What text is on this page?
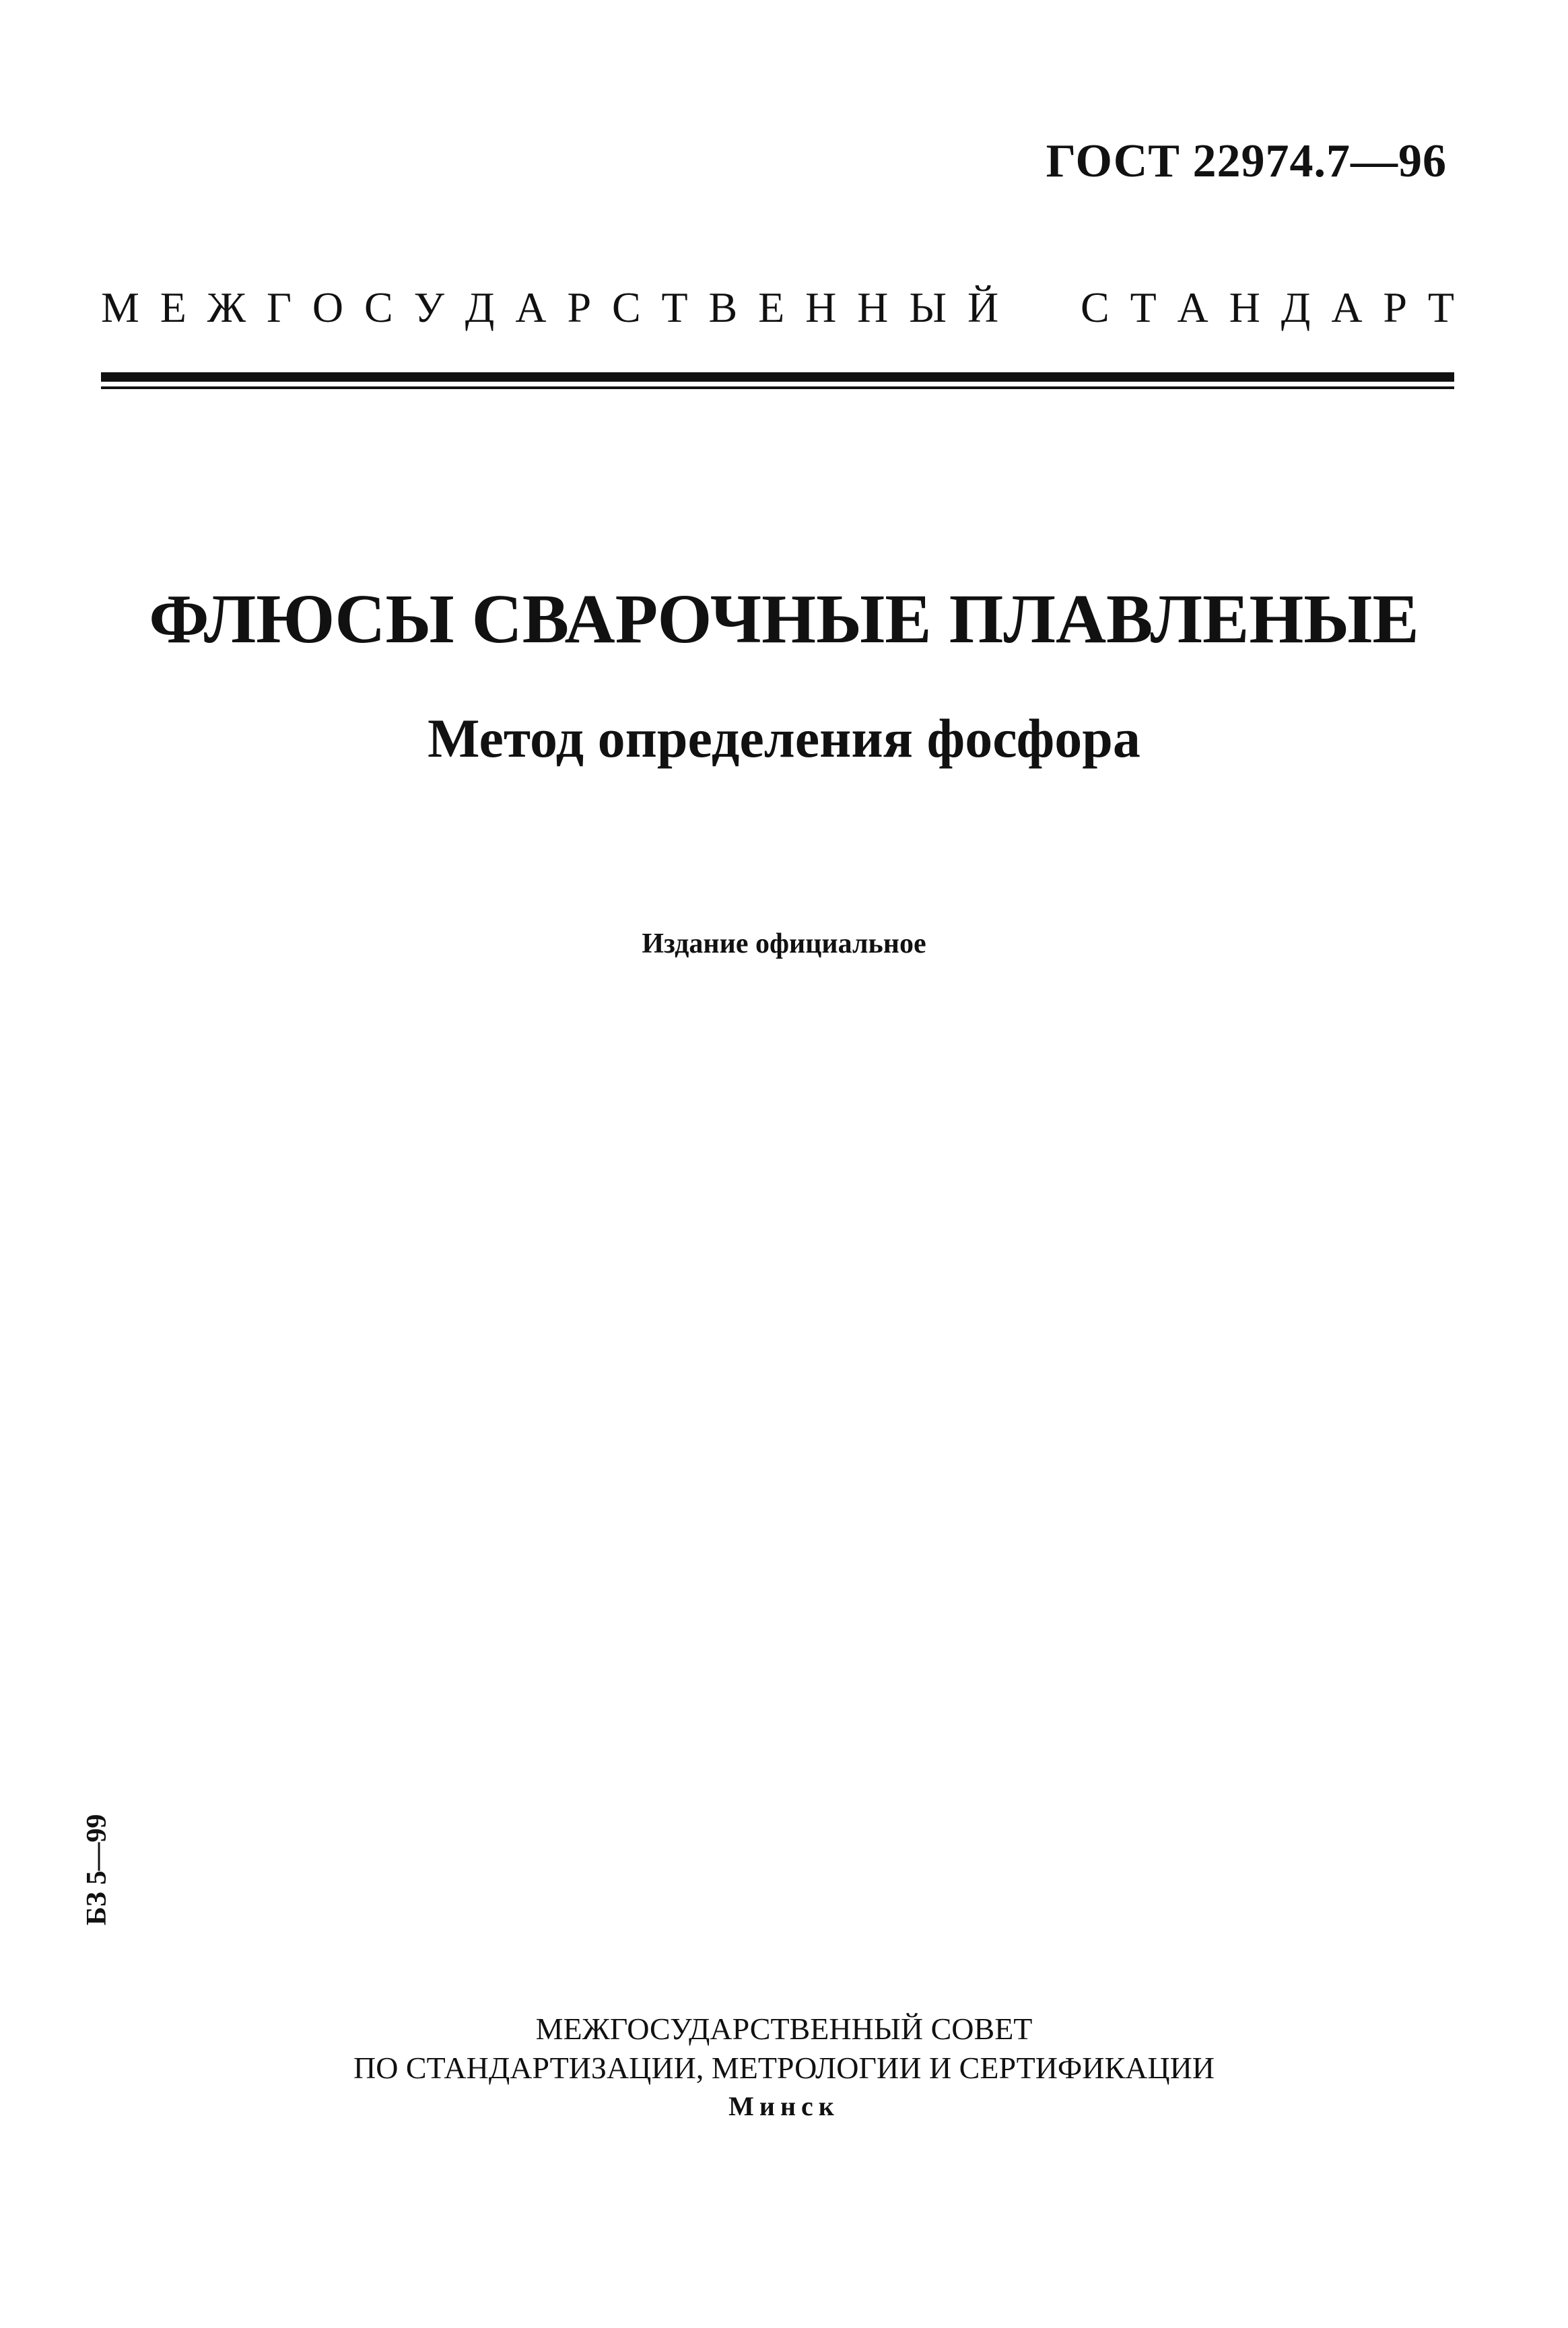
ГОСТ 22974.7—96
М Е Ж Г О С У Д А Р С Т В Е Н Н Ы Й С Т А Н Д А Р Т
ФЛЮСЫ СВАРОЧНЫЕ ПЛАВЛЕНЫЕ
Метод определения фосфора
Издание официальное
БЗ 5—99
МЕЖГОСУДАРСТВЕННЫЙ СОВЕТ
ПО СТАНДАРТИЗАЦИИ, МЕТРОЛОГИИ И СЕРТИФИКАЦИИ
Минск
